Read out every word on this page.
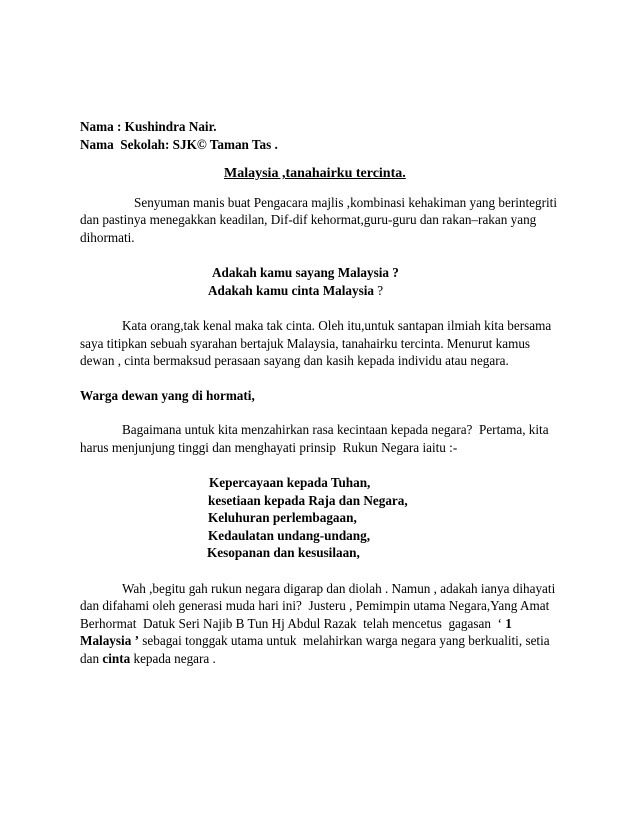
Nama : Kushindra Nair.
Nama  Sekolah: SJK© Taman Tas .
Malaysia ,tanahairku tercinta.
Senyuman manis buat Pengacara majlis ,kombinasi kehakiman yang berintegriti
dan pastinya menegakkan keadilan, Dif-dif kehormat,guru-guru dan rakan–rakan yang
dihormati.
Adakah kamu sayang Malaysia ?
Adakah kamu cinta Malaysia ?
Kata orang,tak kenal maka tak cinta. Oleh itu,untuk santapan ilmiah kita bersama
saya titipkan sebuah syarahan bertajuk Malaysia, tanahairku tercinta. Menurut kamus
dewan , cinta bermaksud perasaan sayang dan kasih kepada individu atau negara.
Warga dewan yang di hormati,
Bagaimana untuk kita menzahirkan rasa kecintaan kepada negara?  Pertama, kita
harus menjunjung tinggi dan menghayati prinsip  Rukun Negara iaitu :-
Kepercayaan kepada Tuhan,
kesetiaan kepada Raja dan Negara,
Keluhuran perlembagaan,
Kedaulatan undang-undang,
Kesopanan dan kesusilaan,
Wah ,begitu gah rukun negara digarap dan diolah . Namun , adakah ianya dihayati
dan difahami oleh generasi muda hari ini?  Justeru , Pemimpin utama Negara,Yang Amat
Berhormat  Datuk Seri Najib B Tun Hj Abdul Razak  telah mencetus  gagasan  ‘ 1
Malaysia ’ sebagai tonggak utama untuk  melahirkan warga negara yang berkualiti, setia
dan cinta kepada negara .
